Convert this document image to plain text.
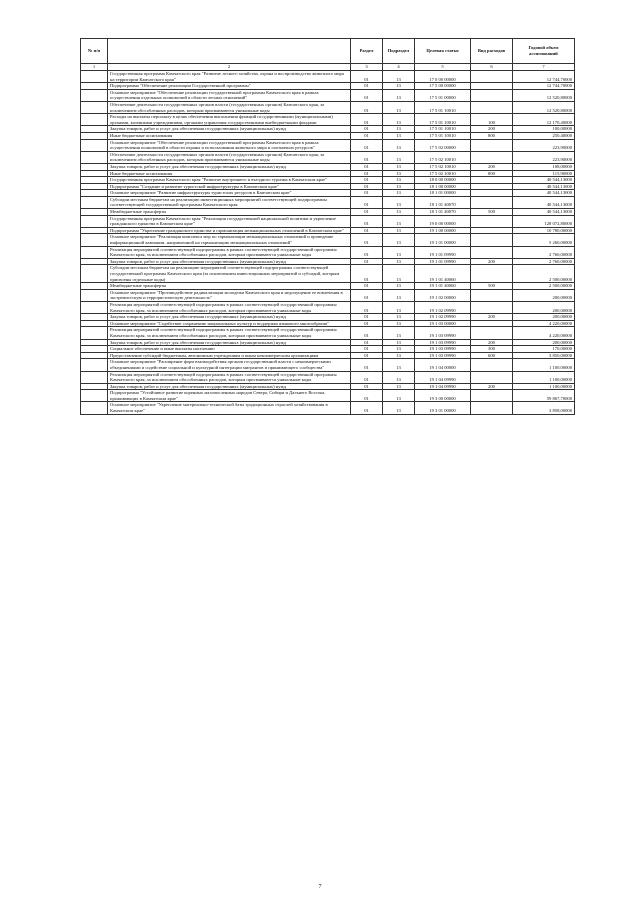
№ п/п		Раздел	Подраздел	Целевая статья	Вид расходов	Годовой объем ассигнований
1	2	3	4	5	6	7
	Государственная программа Камчатского края "Развитие лесного хозяйства, охрана и воспроизводство животного мира на территории Камчатского края"	01	13	17 0 00 00000		12 744,70000
	Подпрограмма "Обеспечение реализации Государственной программы"	01	13	17 5 00 00000		12 744,70000
	Основное мероприятие "Обеспечение реализации государственной программы Камчатского края в рамках осуществления отдельных полномочий в области лесных отношений"	01	13	17 5 01 00000		12 520,80000
	Обеспечение деятельности государственных органов власти (государственных органов) Камчатского края, за исключением обособленных расходов, которым присваиваются уникальные коды	01	13	17 5 01 10010		12 520,80000
	Расходы на выплаты персоналу в целях обеспечения выполнения функций государственными (муниципальными) органами, казенными учреждениями, органами управления государственными внебюджетными фондами	01	13	17 5 01 10010	100	12 170,40000
	Закупка товаров, работ и услуг для обеспечения государственных (муниципальных) нужд	01	13	17 5 01 10010	200	100,00000
	Иные бюджетные ассигнования	01	13	17 5 01 10010	800	250,40000
	Основное мероприятие "Обеспечение реализации государственной программы Камчатского края в рамках осуществления полномочий в области охраны и использования животного мира и охотничьих ресурсов"	01	13	17 5 02 00000		223,90000
	Обеспечение деятельности государственных органов власти (государственных органов) Камчатского края, за исключением обособленных расходов, которым присваиваются уникальные коды	01	13	17 5 02 10010		223,90000
	Закупка товаров, работ и услуг для обеспечения государственных (муниципальных) нужд	01	13	17 5 02 10010	200	108,00000
	Иные бюджетные ассигнования	01	13	17 5 02 10010	800	115,90000
	Государственная программа Камчатского края "Развитие внутреннего и въездного туризма в Камчатском крае"	01	13	18 0 00 00000		40 544,13000
	Подпрограмма "Создание и развитие туристской инфраструктуры в Камчатском крае"	01	13	18 1 00 00000		40 544,13000
	Основное мероприятие "Развитие инфраструктуры туристских ресурсов в Камчатском крае"	01	13	18 1 01 00000		40 544,13000
	Субсидии местным бюджетам на реализацию инвестиционных мероприятий соответствующей подпрограммы соответствующей государственной программы Камчатского края	01	13	18 1 01 40070		40 544,13000
	Межбюджетные трансферты	01	13	18 1 01 40070	500	40 544,13000
	Государственная программа Камчатского края "Реализация государственной национальной политики и укрепление гражданского единства в Камчатском крае"	01	13	19 0 00 00000		128 072,80000
	Подпрограмма "Укрепление гражданского единства и гармонизация межнациональных отношений в Камчатском крае"	01	13	19 1 00 00000		10 780,00000
	Основное мероприятие "Реализация комплекса мер по гармонизации межнациональных отношений и проведение информационной кампании, направленной на гармонизацию межнациональных отношений"	01	13	19 1 01 00000		5 260,00000
	Реализация мероприятий соответствующей подпрограммы в рамках соответствующей государственной программы Камчатского края, за исключением обособленных расходов, которым присваиваются уникальные коды	01	13	19 1 01 09990		2 760,00000
	Закупка товаров, работ и услуг для обеспечения государственных (муниципальных) нужд	01	13	19 1 01 09990	200	2 760,00000
	Субсидии местным бюджетам на реализацию мероприятий соответствующей подпрограммы соответствующей государственной программы Камчатского края (за исключением инвестиционных мероприятий и субсидий, которым присвоены отдельные коды)	01	13	19 1 01 40060		2 500,00000
	Межбюджетные трансферты	01	13	19 1 01 40060	500	2 500,00000
	Основное мероприятие "Противодействие радикализации молодежи Камчатского края и недопущение ее вовлечения в экстремистскую и террористическую деятельность"	01	13	19 1 02 00000		200,00000
	Реализация мероприятий соответствующей подпрограммы в рамках соответствующей государственной программы Камчатского края, за исключением обособленных расходов, которым присваиваются уникальные коды	01	13	19 1 02 09990		200,00000
	Закупка товаров, работ и услуг для обеспечения государственных (муниципальных) нужд	01	13	19 1 02 09990	200	200,00000
	Основное мероприятие "Содействие сохранению национальных культур и поддержка языкового многообразия"	01	13	19 1 03 00000		4 220,00000
	Реализация мероприятий соответствующей подпрограммы в рамках соответствующей государственной программы Камчатского края, за исключением обособленных расходов, которым присваиваются уникальные коды	01	13	19 1 03 09990		4 220,00000
	Закупка товаров, работ и услуг для обеспечения государственных (муниципальных) нужд	01	13	19 1 03 09990	200	200,00000
	Социальное обеспечение и иные выплаты населению	01	13	19 1 03 09990	300	170,00000
	Предоставление субсидий бюджетным, автономным учреждениям и иным некоммерческим организациям	01	13	19 1 03 09990	600	3 850,00000
	Основное мероприятие "Расширение форм взаимодействия органов государственной власти с некоммерческими объединениями и содействие социальной и культурной интеграции мигрантов и принимающего сообщества"	01	13	19 1 04 00000		1 100,00000
	Реализация мероприятий соответствующей подпрограммы в рамках соответствующей государственной программы Камчатского края, за исключением обособленных расходов, которым присваиваются уникальные коды	01	13	19 1 04 09990		1 100,00000
	Закупка товаров, работ и услуг для обеспечения государственных (муниципальных) нужд	01	13	19 1 04 09990	200	1 100,00000
	Подпрограмма "Устойчивое развитие коренных малочисленных народов Севера, Сибири и Дальнего Востока, проживающих в Камчатском крае"	01	13	19 3 00 00000		59 867,70000
	Основное мероприятие "Укрепление материально-технической базы традиционных отраслей хозяйствования в Камчатском крае"	01	13	19 3 01 00000		3 858,00000
7
